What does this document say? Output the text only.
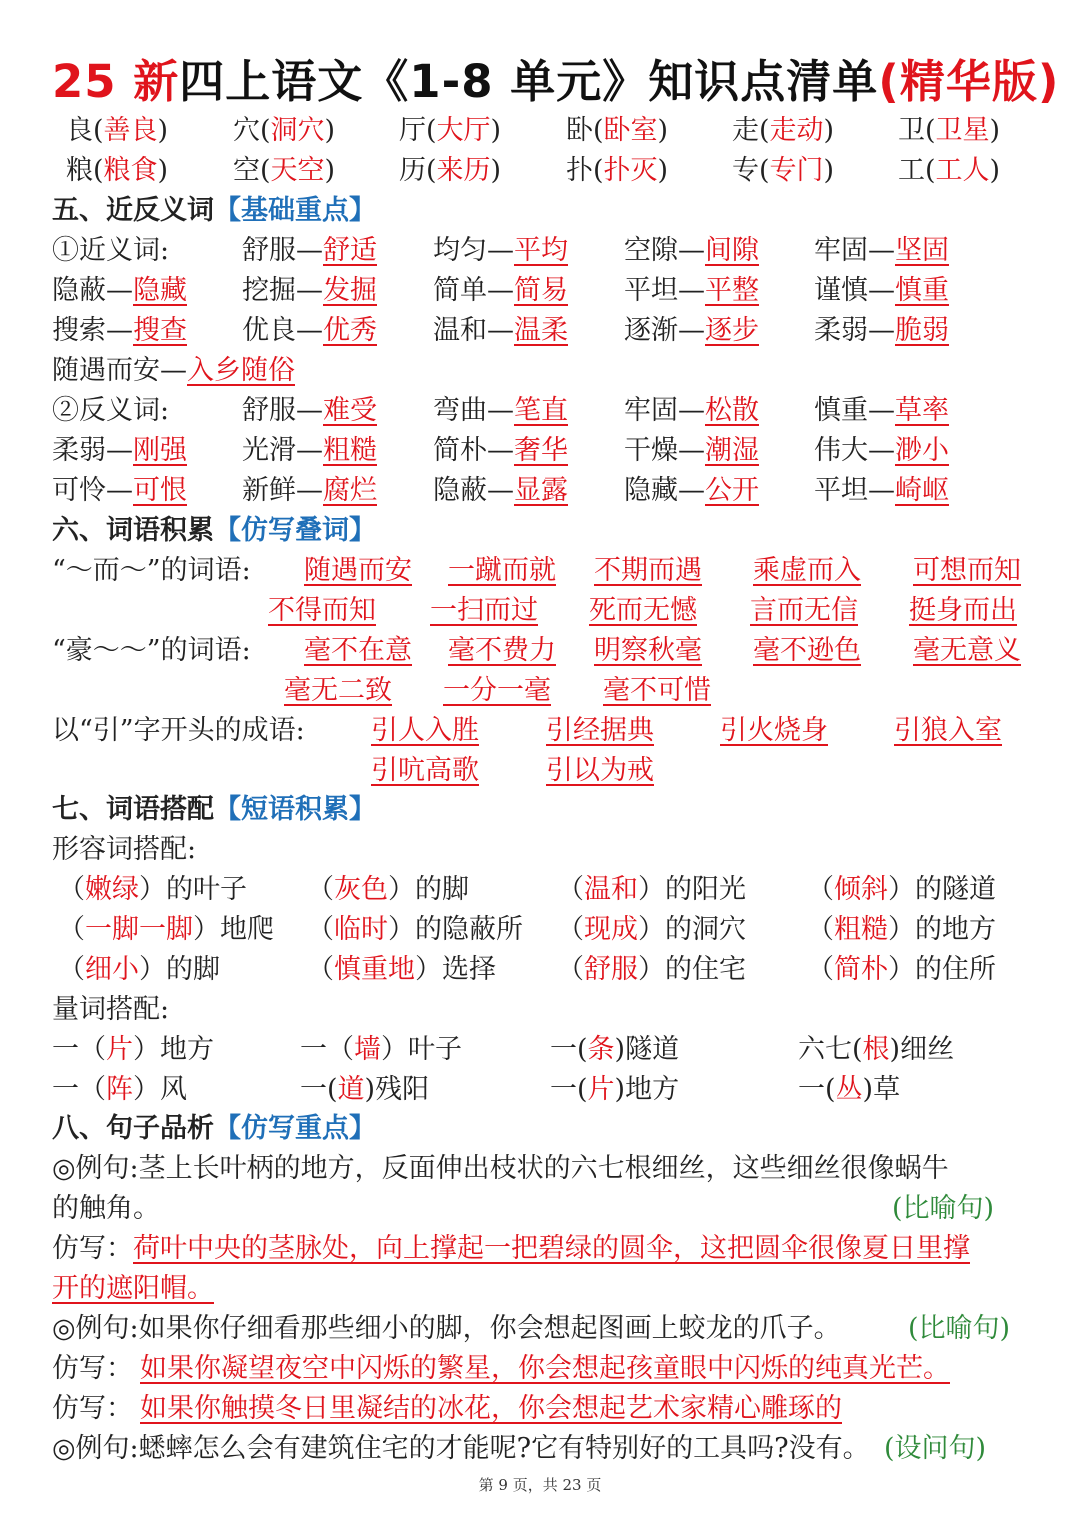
25 新四上语文《1-8 单元》知识点清单(精华版)
良(善良) 穴(洞穴) 厅(大厅) 卧(卧室) 走(走动) 卫(卫星)
粮(粮食) 空(天空) 历(来历) 扑(扑灭) 专(专门) 工(工人)
五、近反义词【基础重点】
①近义词:	舒服—舒适 均匀—平均 空隙—间隙 牢固—坚固
隐蔽—隐藏 挖掘—发掘 简单—简易 平坦—平整 谨慎—慎重
搜索—搜查 优良—优秀 温和—温柔 逐渐—逐步 柔弱—脆弱
随遇而安—入乡随俗
②反义词:	舒服—难受 弯曲—笔直 牢固—松散 慎重—草率
柔弱—刚强 光滑—粗糙 简朴—奢华 干燥—潮湿 伟大—渺小
可怜—可恨 新鲜—腐烂 隐蔽—显露 隐藏—公开 平坦—崎岖
六、词语积累【仿写叠词】
“～而～”的词语: 随遇而安 一蹴而就 不期而遇 乘虚而入 可想而知
不得而知 一扫而过 死而无憾 言而无信 挺身而出
“豪～～”的词语: 毫不在意 毫不费力 明察秋毫 毫不逊色 毫无意义
毫无二致 一分一毫 毫不可惜
以“引”字开头的成语: 引人入胜 引经据典 引火烧身 引狼入室
引吭高歌 引以为戒
七、词语搭配【短语积累】
形容词搭配:
（嫩绿）的叶子 （灰色）的脚	（温和）的阳光 （倾斜）的隧道
（一脚一脚）地爬 （临时）的隐蔽所 （现成）的洞穴 （粗糙）的地方
（细小）的脚	（慎重地）选择 （舒服）的住宅 （简朴）的住所
量词搭配:
一（片）地方	一（墙）叶子	一(条)隧道	六七(根)细丝
一（阵）风	一(道)残阳	一(片)地方	一(丛)草
八、句子品析【仿写重点】
◎例句:茎上长叶柄的地方，反面伸出枝状的六七根细丝，这些细丝很像蜗牛
的触角。	(比喻句)
仿写： 荷叶中央的茎脉处，向上撑起一把碧绿的圆伞，这把圆伞很像夏日里撑
开的遮阳帽。
◎例句:如果你仔细看那些细小的脚，你会想起图画上蛟龙的爪子。 (比喻句)
仿写： 如果你凝望夜空中闪烁的繁星，你会想起孩童眼中闪烁的纯真光芒。
仿写： 如果你触摸冬日里凝结的冰花，你会想起艺术家精心雕琢的
◎例句:蟋蟀怎么会有建筑住宅的才能呢?它有特别好的工具吗?没有。 (设问句)
第 9 页，共 23 页
